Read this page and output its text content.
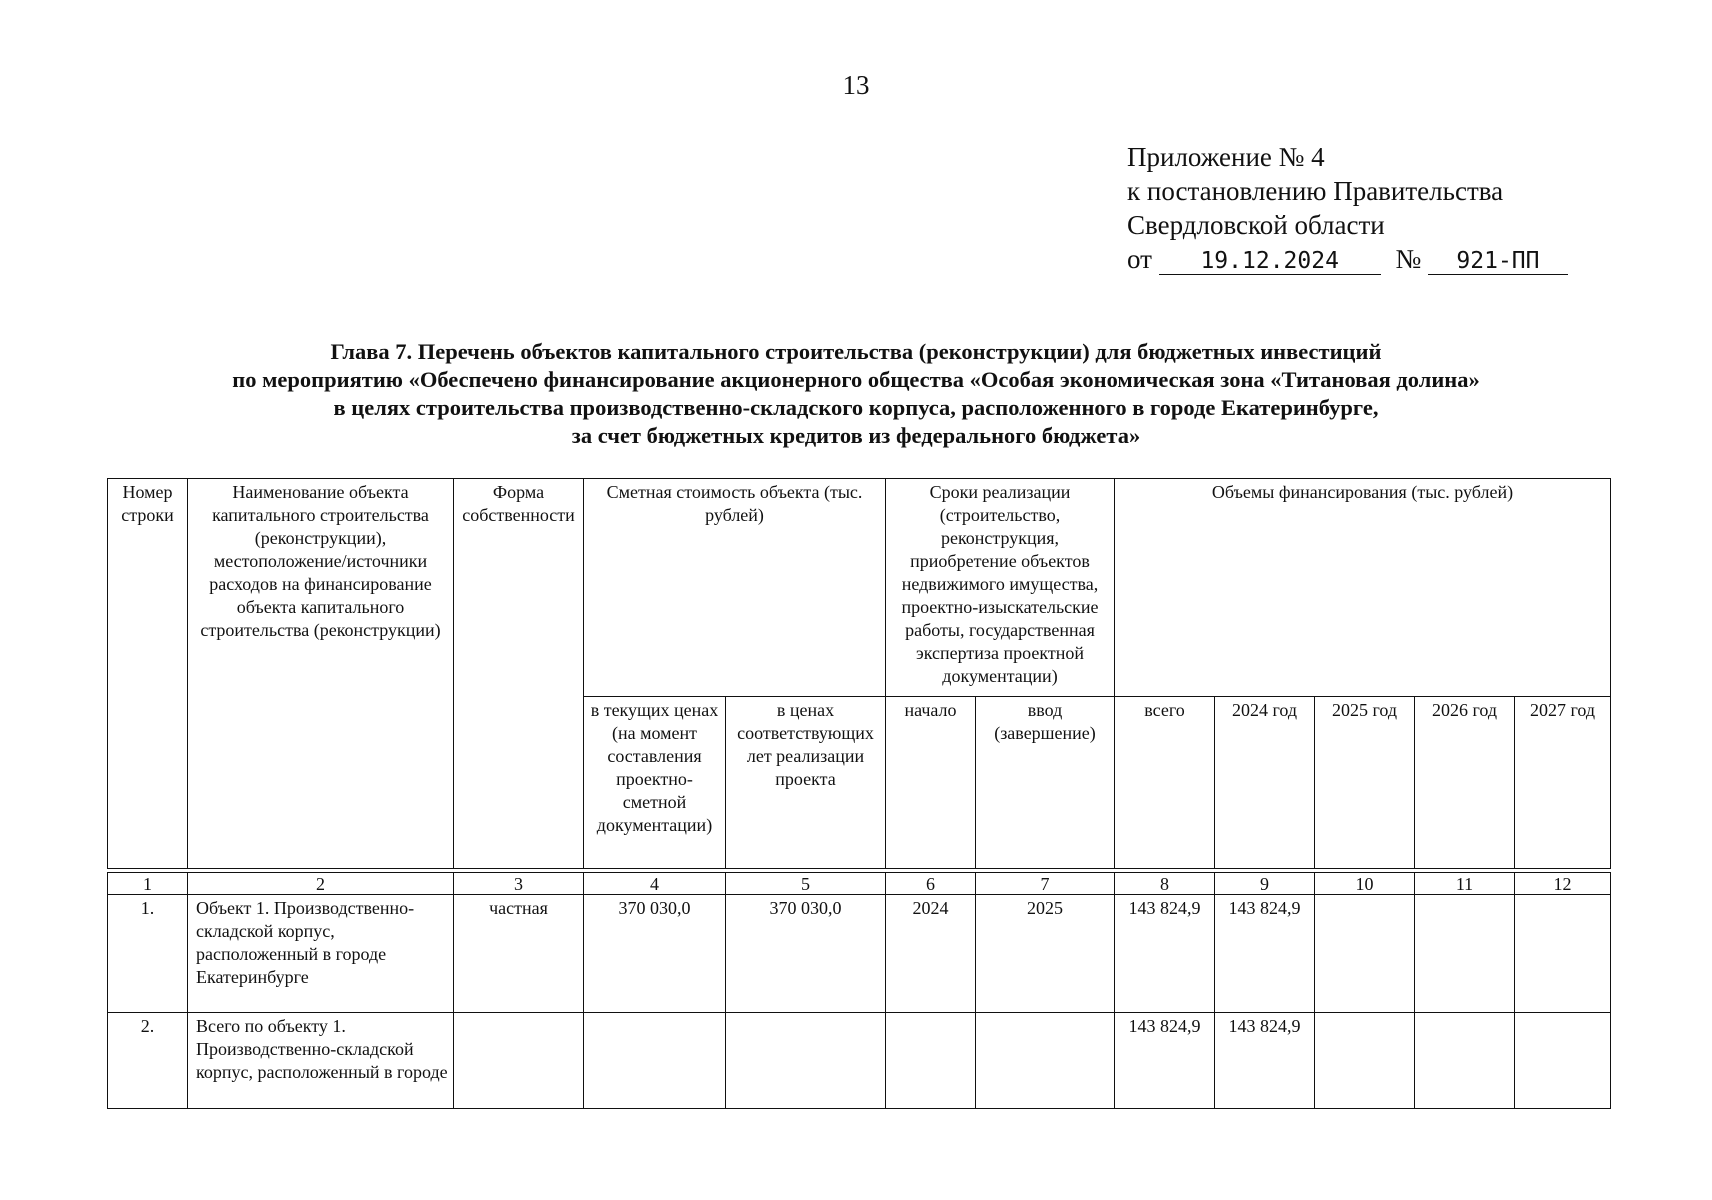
13
Приложение № 4
к постановлению Правительства
Свердловской области
от 19.12.2024 № 921-ПП
Глава 7. Перечень объектов капитального строительства (реконструкции) для бюджетных инвестиций
по мероприятию «Обеспечено финансирование акционерного общества «Особая экономическая зона «Титановая долина»
в целях строительства производственно-складского корпуса, расположенного в городе Екатеринбурге,
за счет бюджетных кредитов из федерального бюджета»
Номер строки	Наименование объекта капитального строительства (реконструкции), местоположение/источники расходов на финансирование объекта капитального строительства (реконструкции)	Форма собственности	Сметная стоимость объекта (тыс. рублей)		Сроки реализации (строительство, реконструкция, приобретение объектов недвижимого имущества, проектно-изыскательские работы, государственная экспертиза проектной документации)		Объемы финансирования (тыс. рублей)				
			в текущих ценах (на момент составления проектно-сметной документации)	в ценах соответствующих лет реализации проекта	начало	ввод (завершение)	всего	2024 год	2025 год	2026 год	2027 год
1	2	3	4	5	6	7	8	9	10	11	12
1.	Объект 1. Производственно-складской корпус, расположенный в городе Екатеринбурге	частная	370 030,0	370 030,0	2024	2025	143 824,9	143 824,9			
2.	Всего по объекту 1. Производственно-складской корпус, расположенный в городе						143 824,9	143 824,9			
